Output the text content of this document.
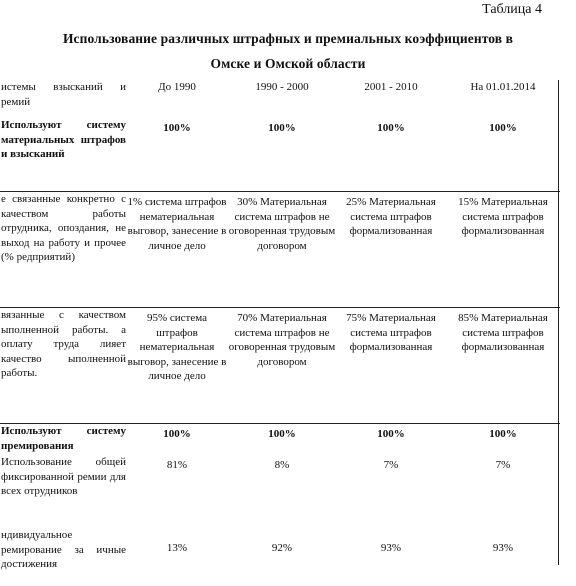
Таблица 4
Использование различных штрафных и премиальных коэффициентов в
Омске и Омской области
истемы взысканий и ремий	До 1990	1990 - 2000	2001 - 2010	На 01.01.2014
Используют систему материальных штрафов и взысканий	100%	100%	100%	100%
е связанные конкретно с качеством работы отрудника, опоздания, не выход на работу и прочее (% редприятий)	1% система штрафов нематериальная выговор, занесение в личное дело	30% Материальная система штрафов не оговоренная трудовым договором	25% Материальная система штрафов формализованная	15% Материальная система штрафов формализованная
вязанные с качеством ыполненной работы. а оплату труда лияет качество ыполненной работы.	95% система штрафов нематериальная выговор, занесение в личное дело	70% Материальная система штрафов не оговоренная трудовым договором	75% Материальная система штрафов формализованная	85% Материальная система штрафов формализованная
Используют систему премирования	100%	100%	100%	100%
Использование общей фиксированной ремии для всех отрудников	81%	8%	7%	7%
ндивидуальное ремирование за ичные достижения	13%	92%	93%	93%
